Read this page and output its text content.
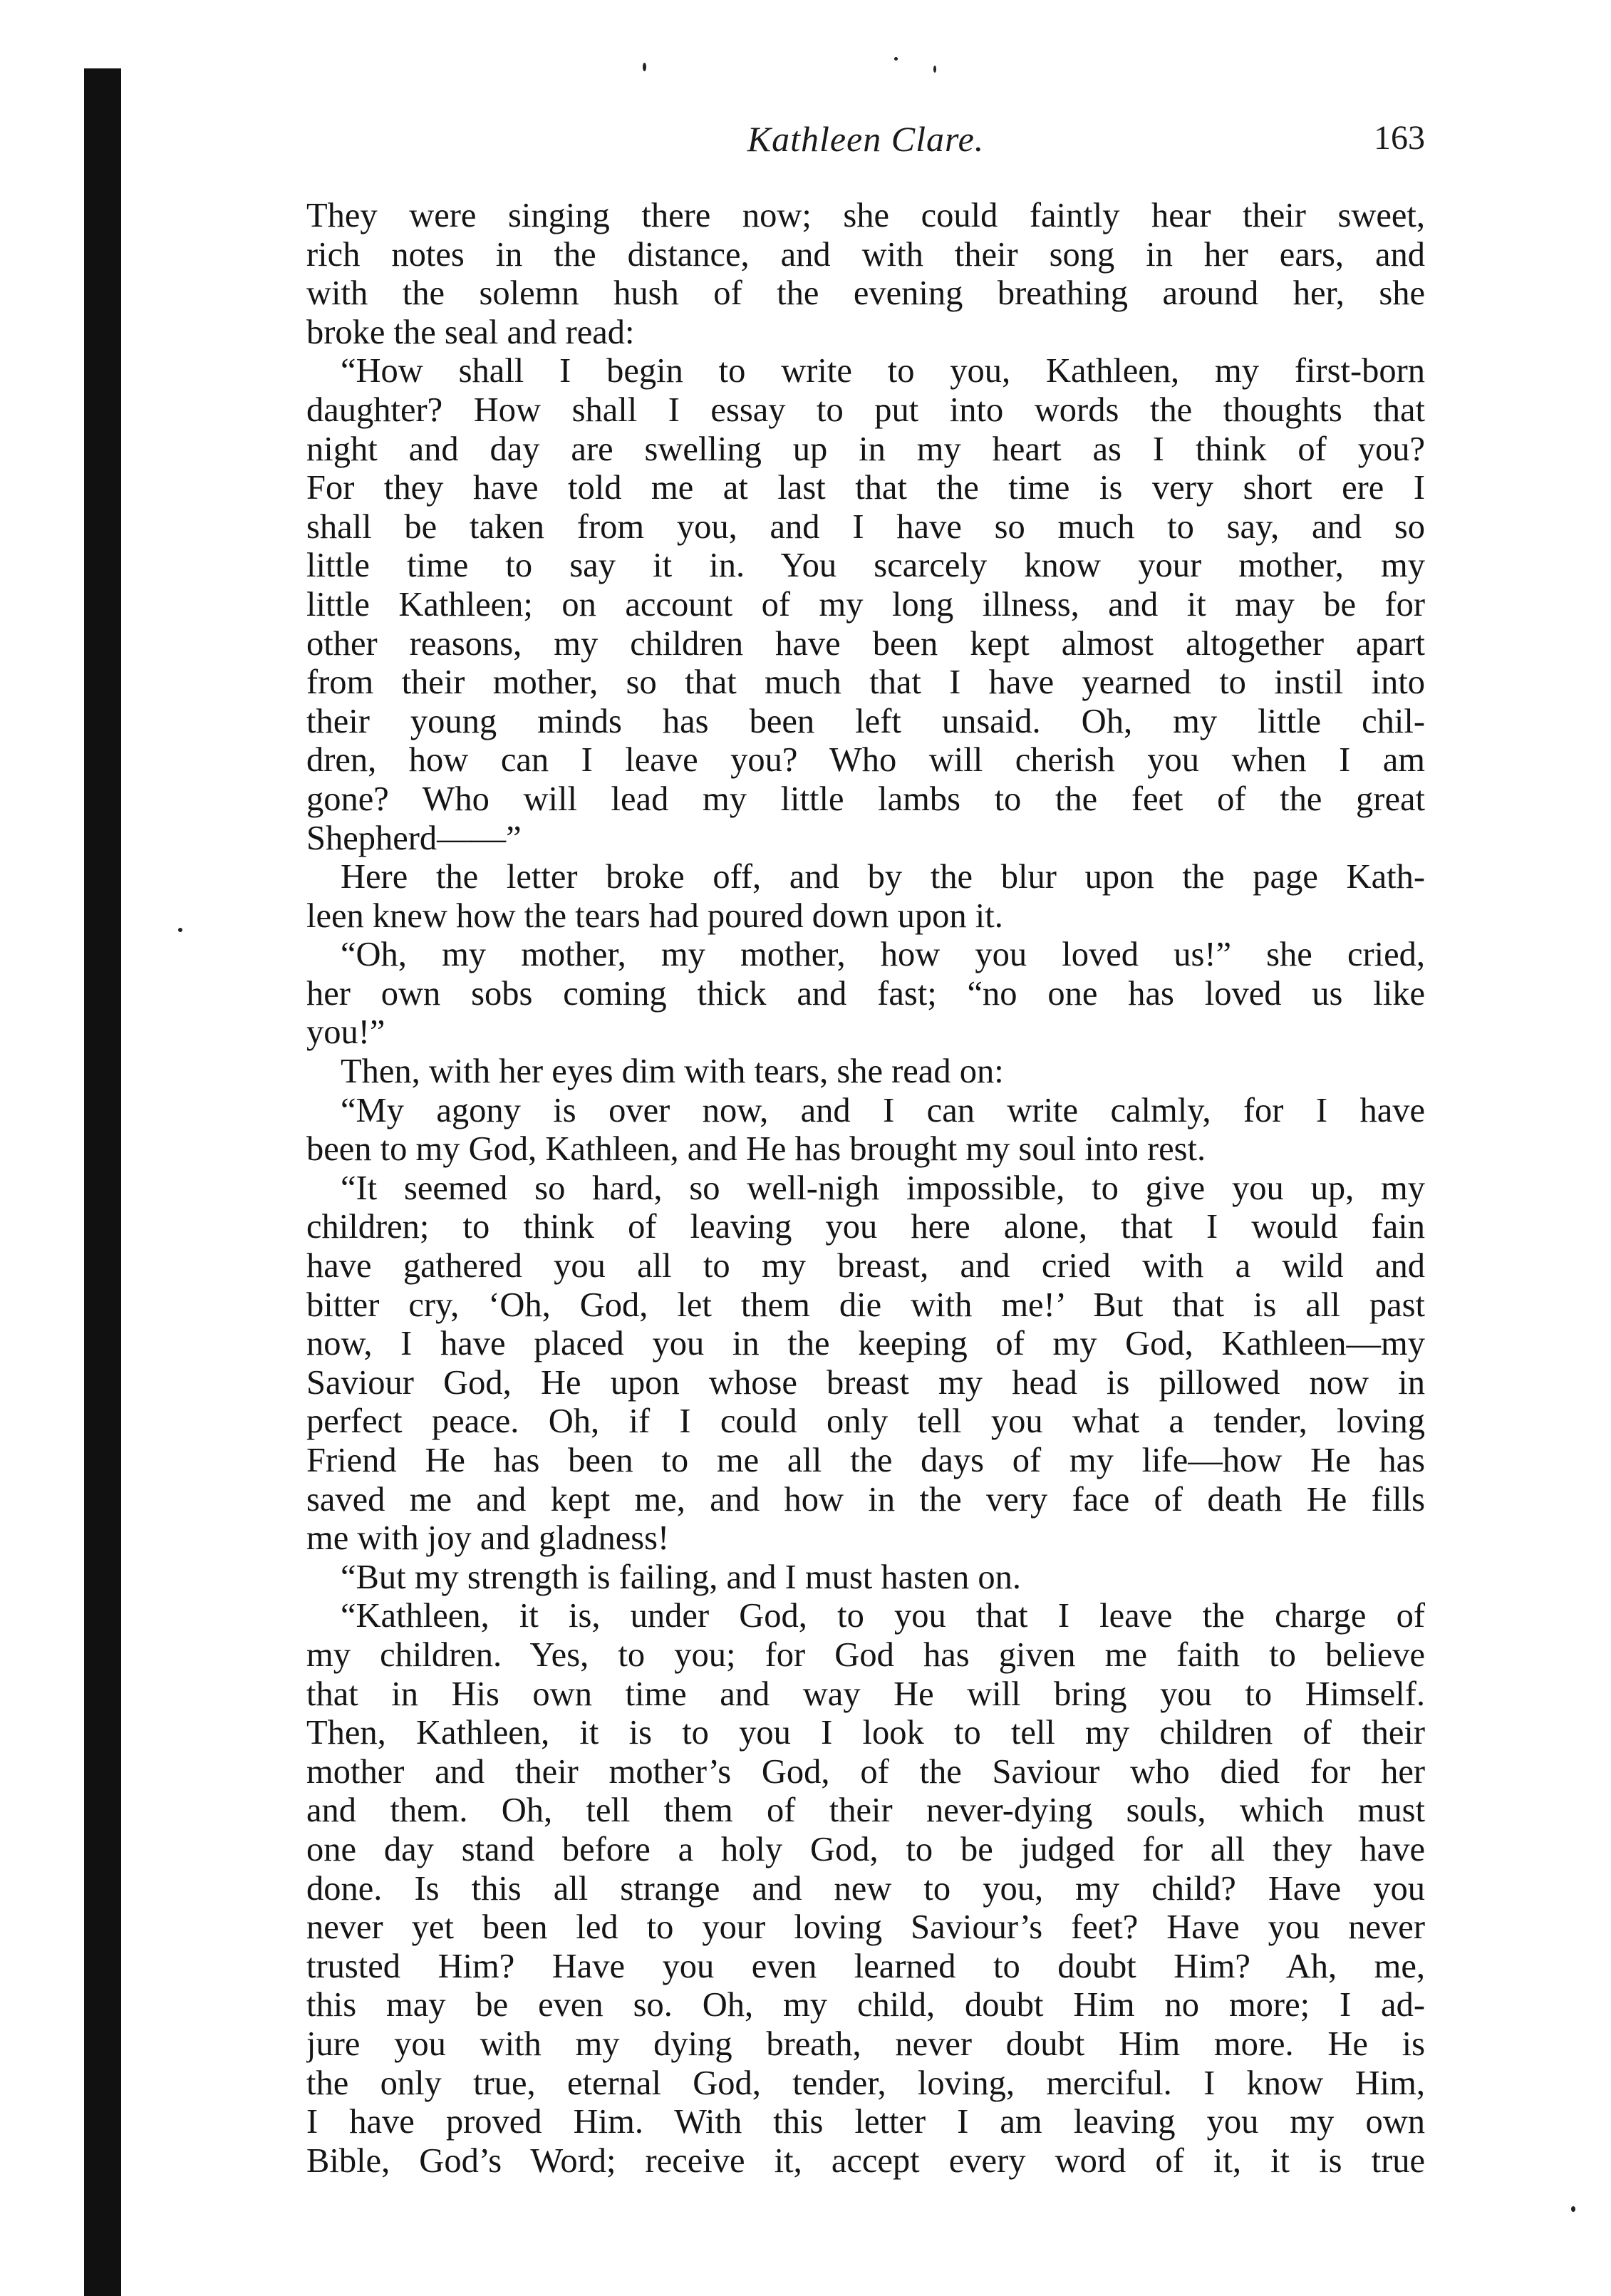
Kathleen Clare.	163
They were singing there now; she could faintly hear their sweet,
rich notes in the distance, and with their song in her ears, and
with the solemn hush of the evening breathing around her, she
broke the seal and read:
“How shall I begin to write to you, Kathleen, my first-born
daughter? How shall I essay to put into words the thoughts that
night and day are swelling up in my heart as I think of you?
For they have told me at last that the time is very short ere I
shall be taken from you, and I have so much to say, and so
little time to say it in. You scarcely know your mother, my
little Kathleen; on account of my long illness, and it may be for
other reasons, my children have been kept almost altogether apart
from their mother, so that much that I have yearned to instil into
their young minds has been left unsaid. Oh, my little chil-
dren, how can I leave you? Who will cherish you when I am
gone? Who will lead my little lambs to the feet of the great
Shepherd——”
Here the letter broke off, and by the blur upon the page Kath-
leen knew how the tears had poured down upon it.
“Oh, my mother, my mother, how you loved us!” she cried,
her own sobs coming thick and fast; “no one has loved us like
you!”
Then, with her eyes dim with tears, she read on:
“My agony is over now, and I can write calmly, for I have
been to my God, Kathleen, and He has brought my soul into rest.
“It seemed so hard, so well-nigh impossible, to give you up, my
children; to think of leaving you here alone, that I would fain
have gathered you all to my breast, and cried with a wild and
bitter cry, ‘Oh, God, let them die with me!’ But that is all past
now, I have placed you in the keeping of my God, Kathleen—my
Saviour God, He upon whose breast my head is pillowed now in
perfect peace. Oh, if I could only tell you what a tender, loving
Friend He has been to me all the days of my life—how He has
saved me and kept me, and how in the very face of death He fills
me with joy and gladness!
“But my strength is failing, and I must hasten on.
“Kathleen, it is, under God, to you that I leave the charge of
my children. Yes, to you; for God has given me faith to believe
that in His own time and way He will bring you to Himself.
Then, Kathleen, it is to you I look to tell my children of their
mother and their mother’s God, of the Saviour who died for her
and them. Oh, tell them of their never-dying souls, which must
one day stand before a holy God, to be judged for all they have
done. Is this all strange and new to you, my child? Have you
never yet been led to your loving Saviour’s feet? Have you never
trusted Him? Have you even learned to doubt Him? Ah, me,
this may be even so. Oh, my child, doubt Him no more; I ad-
jure you with my dying breath, never doubt Him more. He is
the only true, eternal God, tender, loving, merciful. I know Him,
I have proved Him. With this letter I am leaving you my own
Bible, God’s Word; receive it, accept every word of it, it is true
